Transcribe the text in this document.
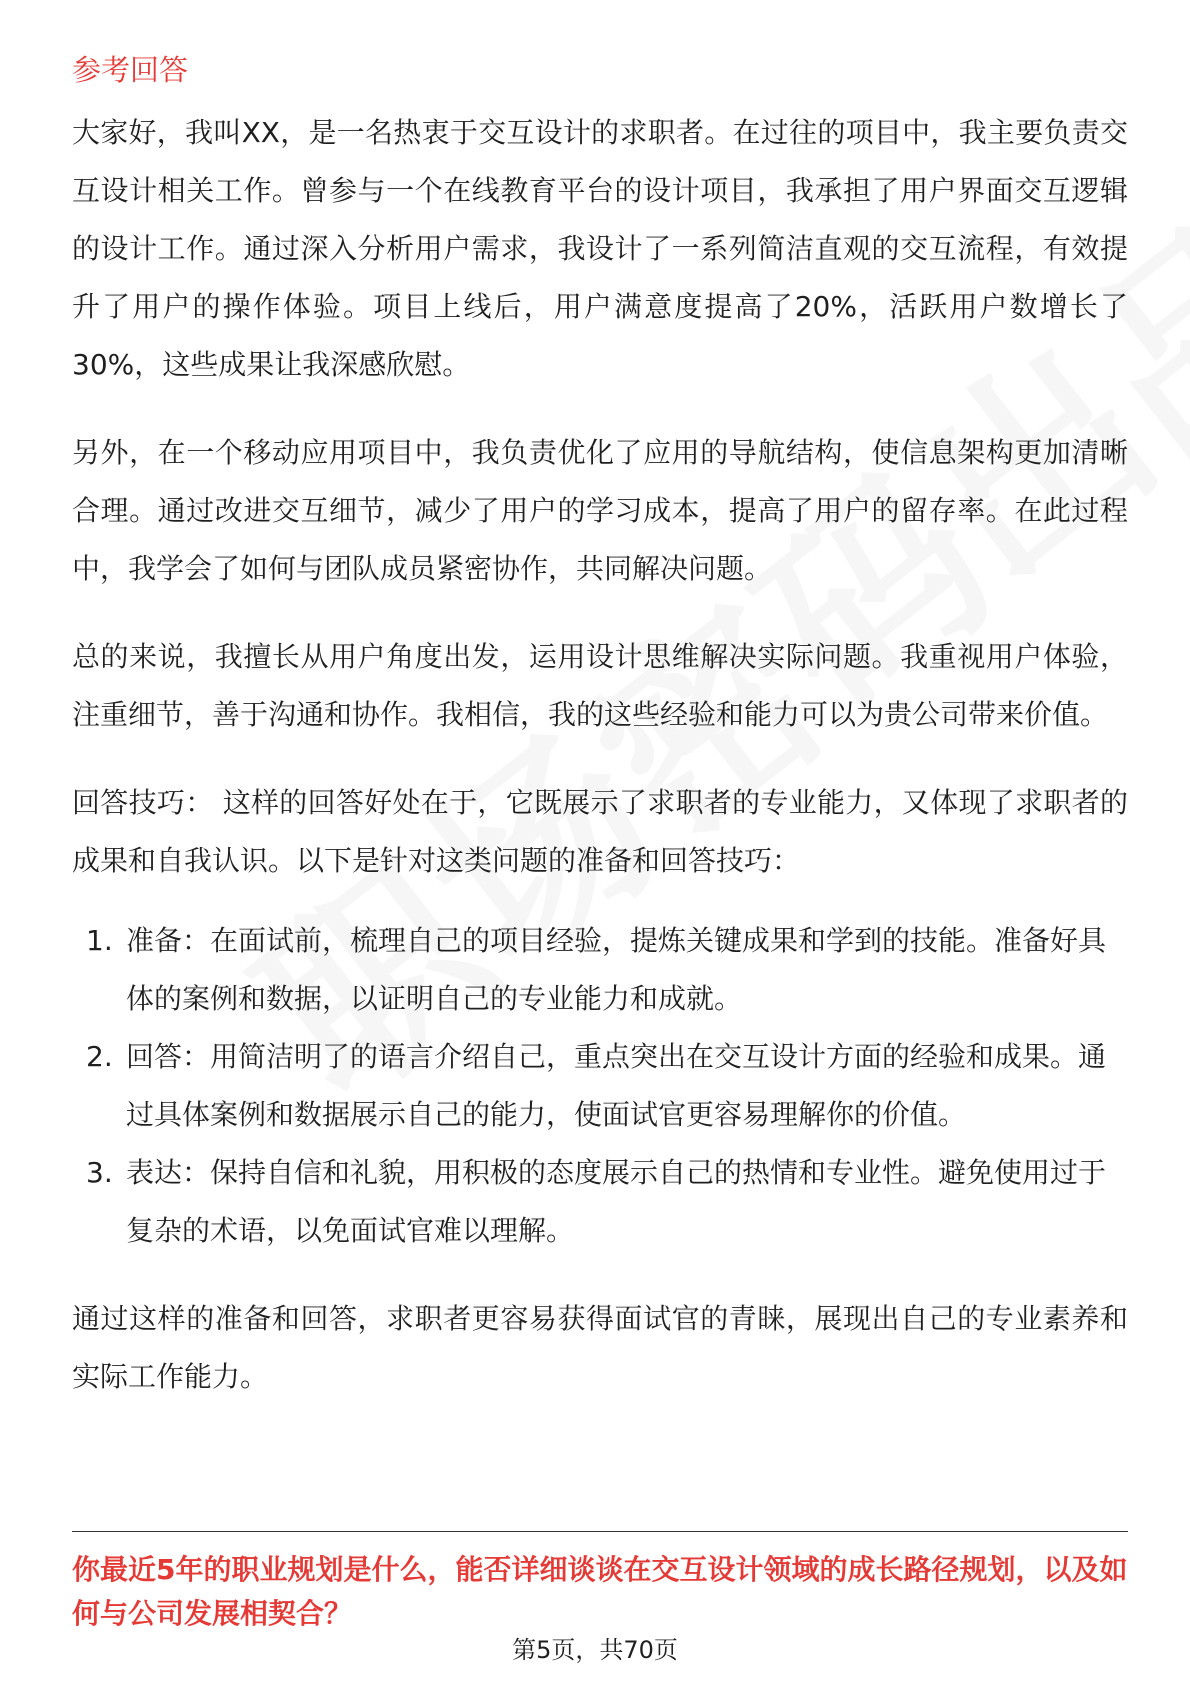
参考回答

大家好，我叫XX，是一名热衷于交互设计的求职者。在过往的项目中，我主要负责交互设计相关工作。曾参与一个在线教育平台的设计项目，我承担了用户界面交互逻辑的设计工作。通过深入分析用户需求，我设计了一系列简洁直观的交互流程，有效提升了用户的操作体验。项目上线后，用户满意度提高了20%，活跃用户数增长了30%，这些成果让我深感欣慰。

另外，在一个移动应用项目中，我负责优化了应用的导航结构，使信息架构更加清晰合理。通过改进交互细节，减少了用户的学习成本，提高了用户的留存率。在此过程中，我学会了如何与团队成员紧密协作，共同解决问题。

总的来说，我擅长从用户角度出发，运用设计思维解决实际问题。我重视用户体验，注重细节，善于沟通和协作。我相信，我的这些经验和能力可以为贵公司带来价值。

回答技巧： 这样的回答好处在于，它既展示了求职者的专业能力，又体现了求职者的成果和自我认识。以下是针对这类问题的准备和回答技巧：

1. 准备：在面试前，梳理自己的项目经验，提炼关键成果和学到的技能。准备好具体的案例和数据，以证明自己的专业能力和成就。
2. 回答：用简洁明了的语言介绍自己，重点突出在交互设计方面的经验和成果。通过具体案例和数据展示自己的能力，使面试官更容易理解你的价值。
3. 表达：保持自信和礼貌，用积极的态度展示自己的热情和专业性。避免使用过于复杂的术语，以免面试官难以理解。

通过这样的准备和回答，求职者更容易获得面试官的青睐，展现出自己的专业素养和实际工作能力。

你最近5年的职业规划是什么，能否详细谈谈在交互设计领域的成长路径规划，以及如何与公司发展相契合？

第5页，共70页
